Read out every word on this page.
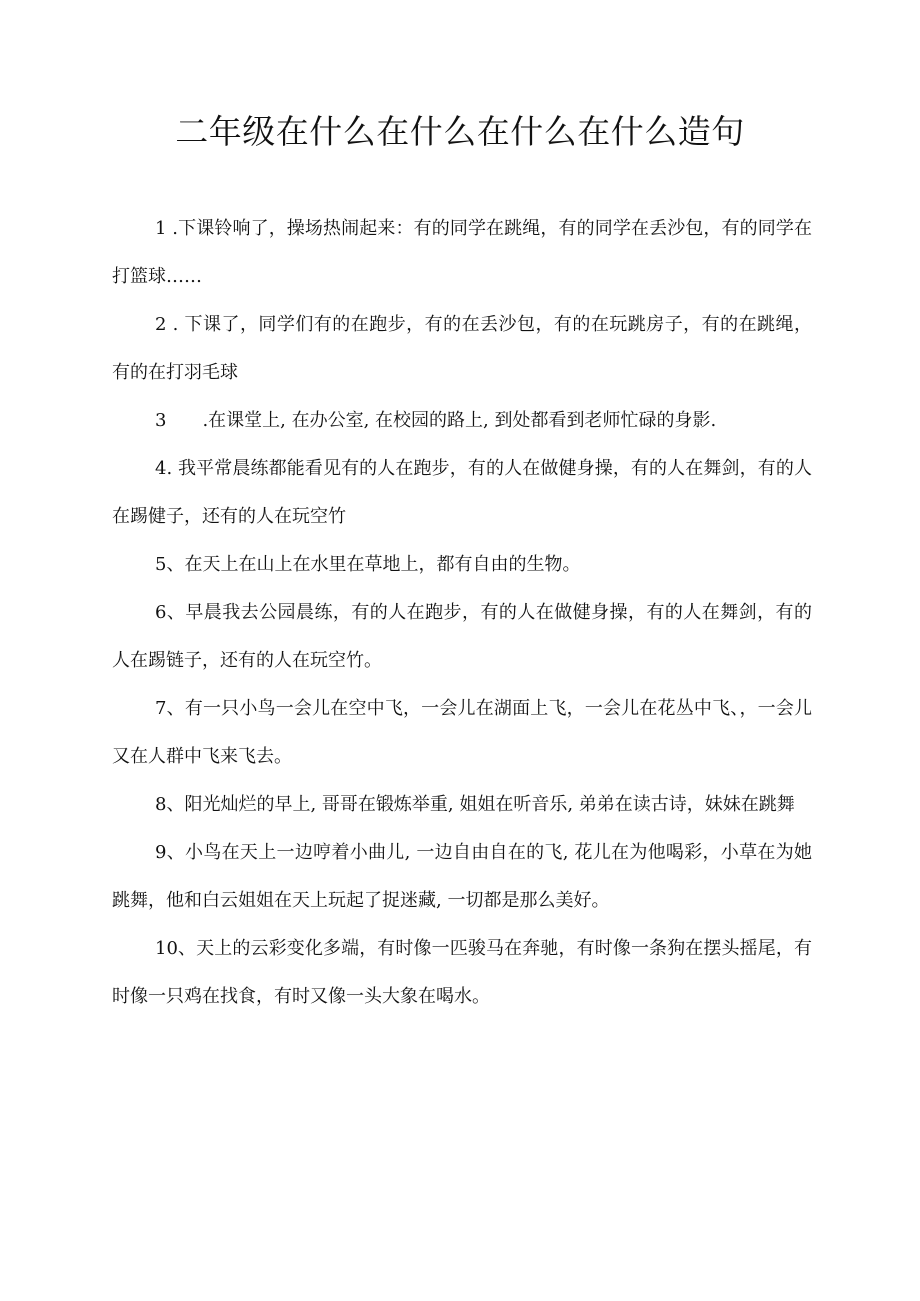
二年级在什么在什么在什么在什么造句

1 .下课铃响了，操场热闹起来：有的同学在跳绳，有的同学在丢沙包，有的同学在打篮球……

2 . 下课了，同学们有的在跑步，有的在丢沙包，有的在玩跳房子，有的在跳绳，有的在打羽毛球

3　　.在课堂上, 在办公室, 在校园的路上, 到处都看到老师忙碌的身影.

4. 我平常晨练都能看见有的人在跑步，有的人在做健身操，有的人在舞剑，有的人在踢健子，还有的人在玩空竹

5、在天上在山上在水里在草地上，都有自由的生物。

6、早晨我去公园晨练，有的人在跑步，有的人在做健身操，有的人在舞剑，有的人在踢链子，还有的人在玩空竹。

7、有一只小鸟一会儿在空中飞，一会儿在湖面上飞，一会儿在花丛中飞、，一会儿又在人群中飞来飞去。

8、阳光灿烂的早上, 哥哥在锻炼举重, 姐姐在听音乐, 弟弟在读古诗，妹妹在跳舞

9、小鸟在天上一边哼着小曲儿, 一边自由自在的飞, 花儿在为他喝彩，小草在为她跳舞，他和白云姐姐在天上玩起了捉迷藏, 一切都是那么美好。

10、天上的云彩变化多端，有时像一匹骏马在奔驰，有时像一条狗在摆头摇尾，有时像一只鸡在找食，有时又像一头大象在喝水。
